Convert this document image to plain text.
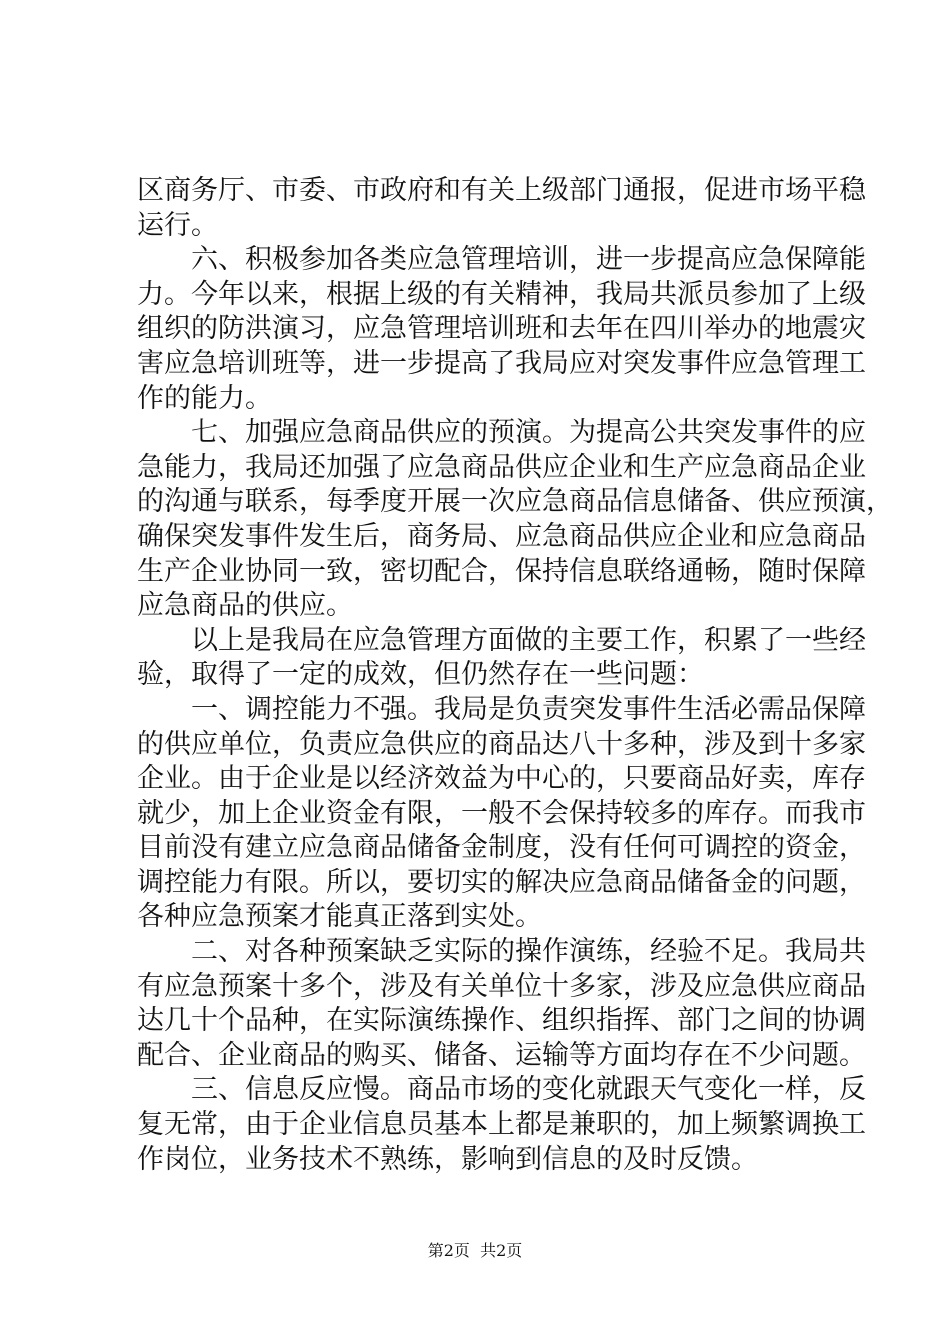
区商务厅、市委、市政府和有关上级部门通报，促进市场平稳
运行。
　　六、积极参加各类应急管理培训，进一步提高应急保障能
力。今年以来，根据上级的有关精神，我局共派员参加了上级
组织的防洪演习，应急管理培训班和去年在四川举办的地震灾
害应急培训班等，进一步提高了我局应对突发事件应急管理工
作的能力。
　　七、加强应急商品供应的预演。为提高公共突发事件的应
急能力，我局还加强了应急商品供应企业和生产应急商品企业
的沟通与联系，每季度开展一次应急商品信息储备、供应预演，
确保突发事件发生后，商务局、应急商品供应企业和应急商品
生产企业协同一致，密切配合，保持信息联络通畅，随时保障
应急商品的供应。
　　以上是我局在应急管理方面做的主要工作，积累了一些经
验，取得了一定的成效，但仍然存在一些问题：
　　一、调控能力不强。我局是负责突发事件生活必需品保障
的供应单位，负责应急供应的商品达八十多种，涉及到十多家
企业。由于企业是以经济效益为中心的，只要商品好卖，库存
就少，加上企业资金有限，一般不会保持较多的库存。而我市
目前没有建立应急商品储备金制度，没有任何可调控的资金，
调控能力有限。所以，要切实的解决应急商品储备金的问题，
各种应急预案才能真正落到实处。
　　二、对各种预案缺乏实际的操作演练，经验不足。我局共
有应急预案十多个，涉及有关单位十多家，涉及应急供应商品
达几十个品种，在实际演练操作、组织指挥、部门之间的协调
配合、企业商品的购买、储备、运输等方面均存在不少问题。
　　三、信息反应慢。商品市场的变化就跟天气变化一样，反
复无常，由于企业信息员基本上都是兼职的，加上频繁调换工
作岗位，业务技术不熟练，影响到信息的及时反馈。
第2页  共2页
